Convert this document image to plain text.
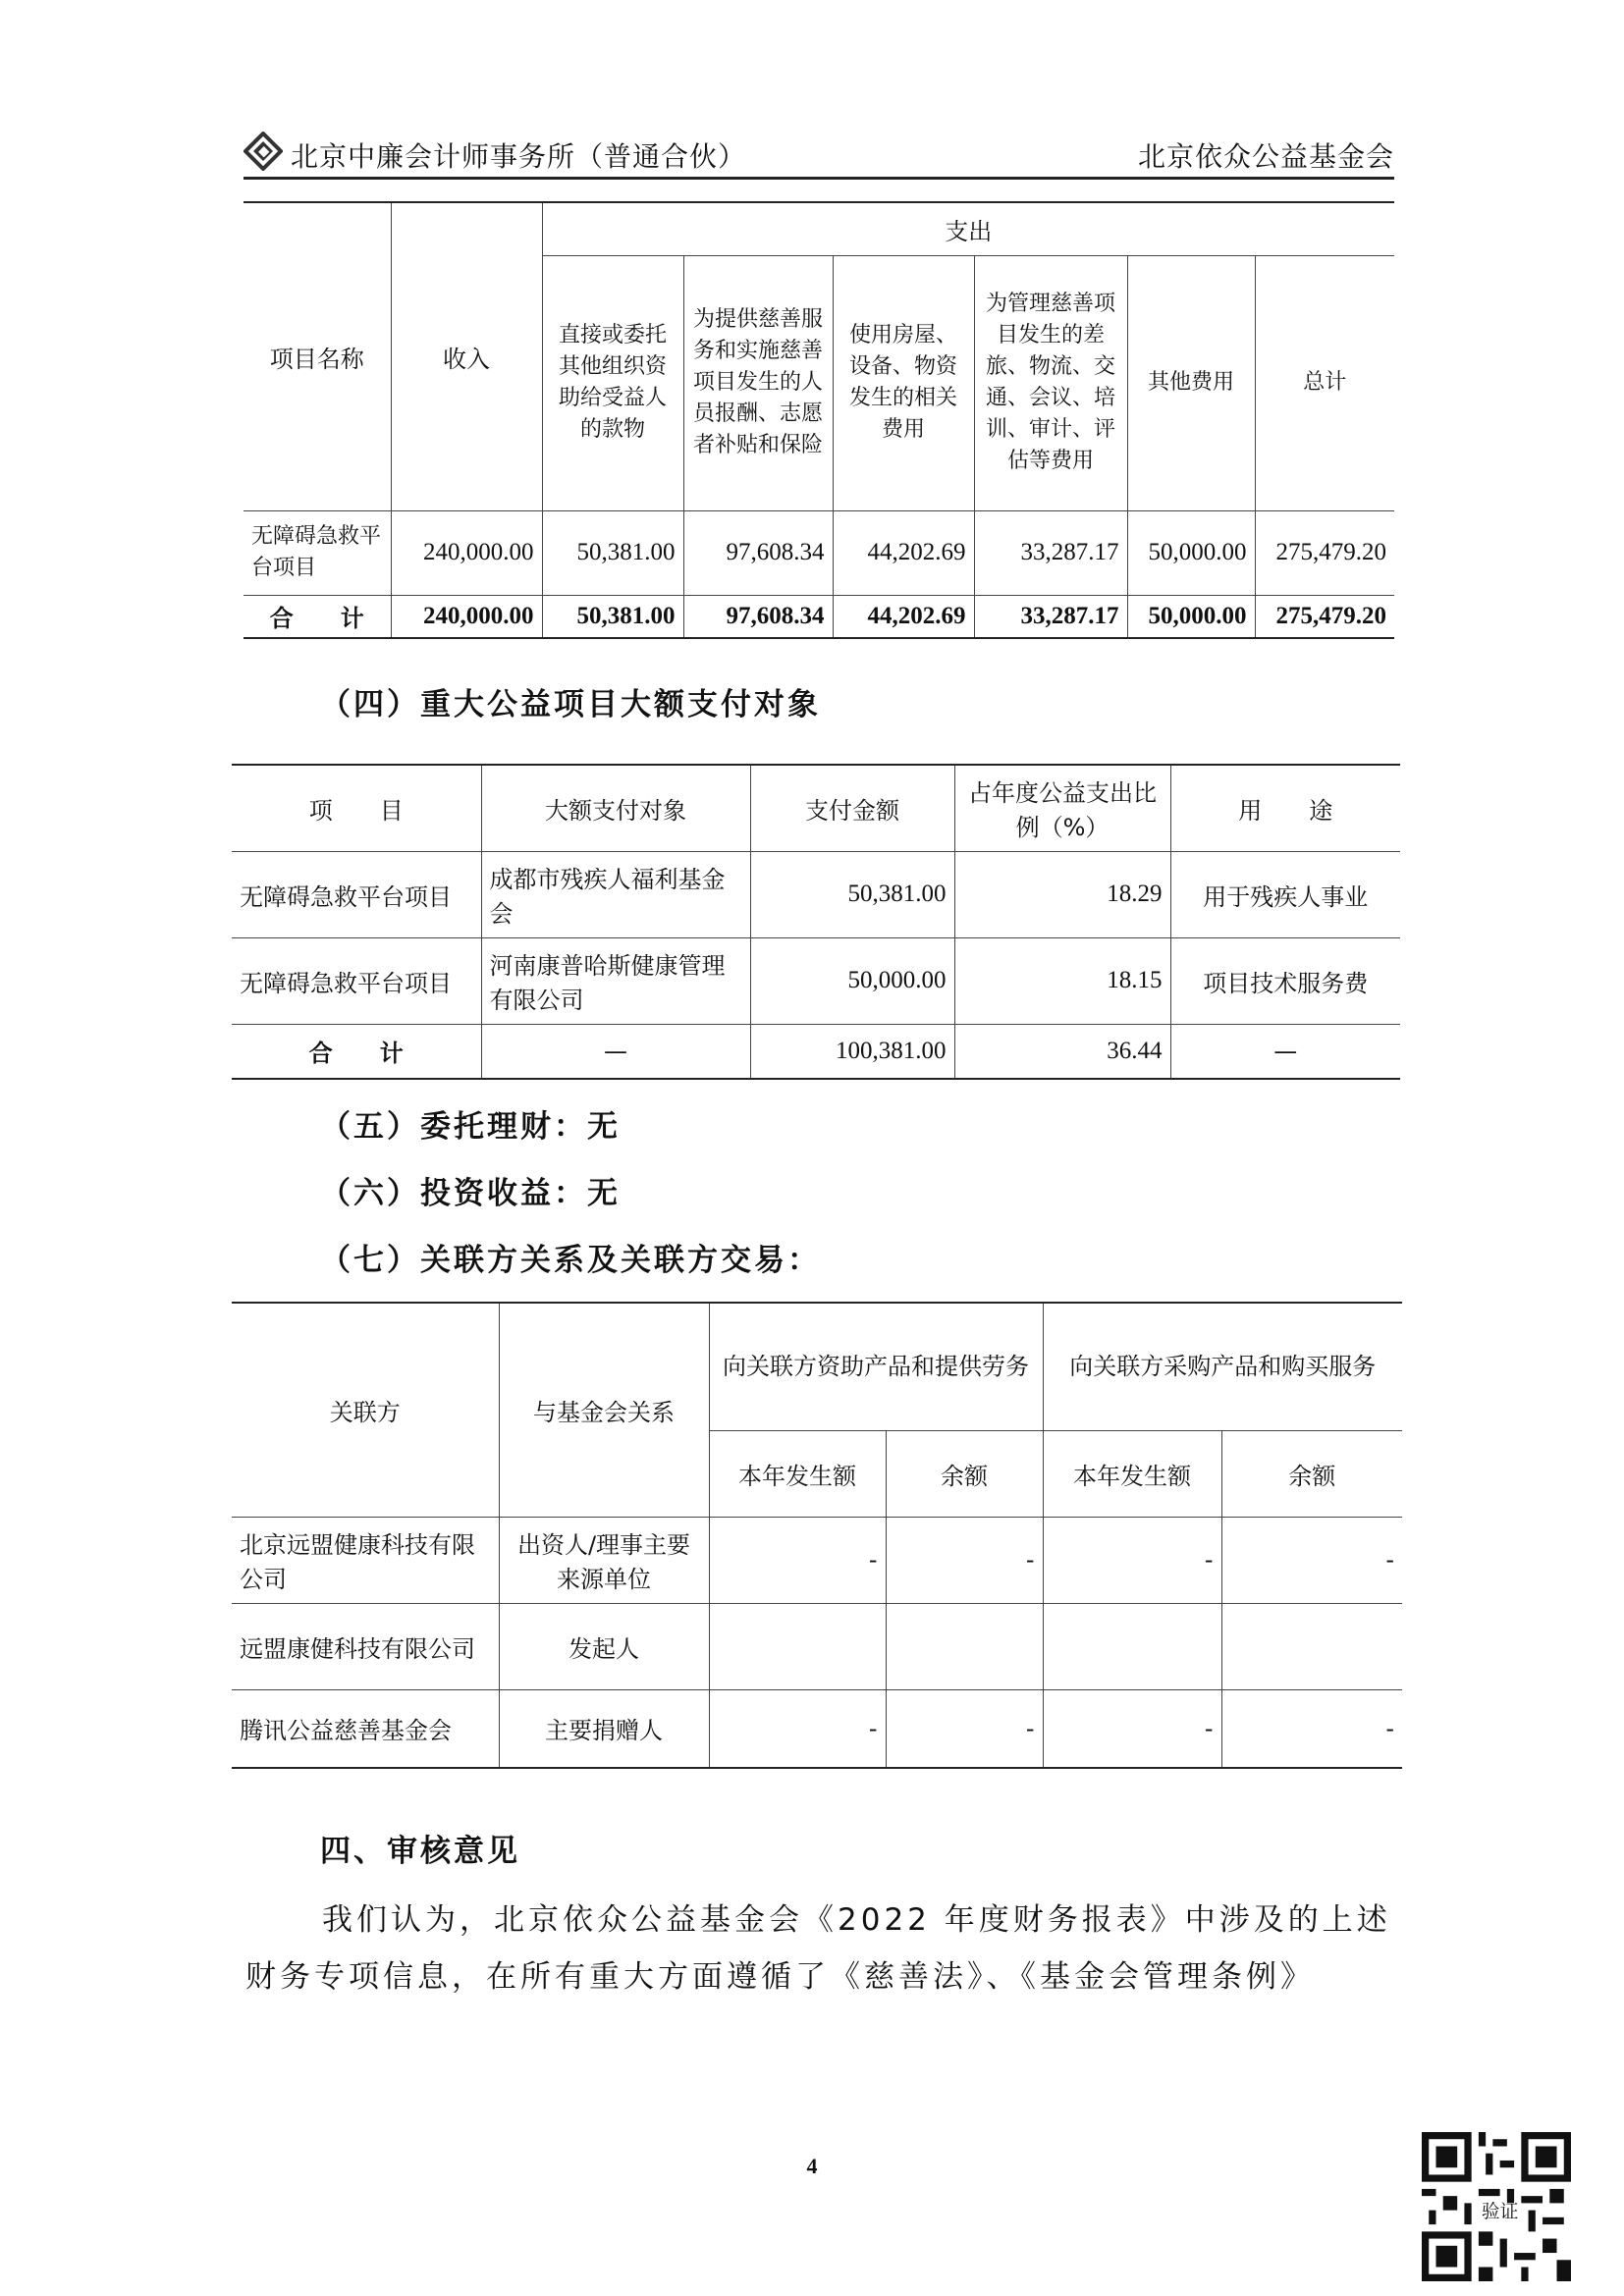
北京中廉会计师事务所（普通合伙）	北京依众公益基金会
项目名称	收入	支出					
		直接或委托其他组织资助给受益人的款物	为提供慈善服务和实施慈善项目发生的人员报酬、志愿者补贴和保险	使用房屋、设备、物资发生的相关费用	为管理慈善项目发生的差旅、物流、交通、会议、培训、审计、评估等费用	其他费用	总计
无障碍急救平台项目	240,000.00	50,381.00	97,608.34	44,202.69	33,287.17	50,000.00	275,479.20
合　　计	240,000.00	50,381.00	97,608.34	44,202.69	33,287.17	50,000.00	275,479.20
（四）重大公益项目大额支付对象
项　　目	大额支付对象	支付金额	占年度公益支出比例（%）	用　　途
无障碍急救平台项目	成都市残疾人福利基金会	50,381.00	18.29	用于残疾人事业
无障碍急救平台项目	河南康普哈斯健康管理有限公司	50,000.00	18.15	项目技术服务费
合　　计	—	100,381.00	36.44	—
（五）委托理财：无
（六）投资收益：无
（七）关联方关系及关联方交易：
关联方	与基金会关系	向关联方资助产品和提供劳务		向关联方采购产品和购买服务	
		本年发生额	余额	本年发生额	余额
北京远盟健康科技有限公司	出资人/理事主要来源单位	-	-	-	-
远盟康健科技有限公司	发起人				
腾讯公益慈善基金会	主要捐赠人	-	-	-	-
四、审核意见
我们认为，北京依众公益基金会《2022 年度财务报表》中涉及的上述财务专项信息，在所有重大方面遵循了《慈善法》、《基金会管理条例》
4
验证
